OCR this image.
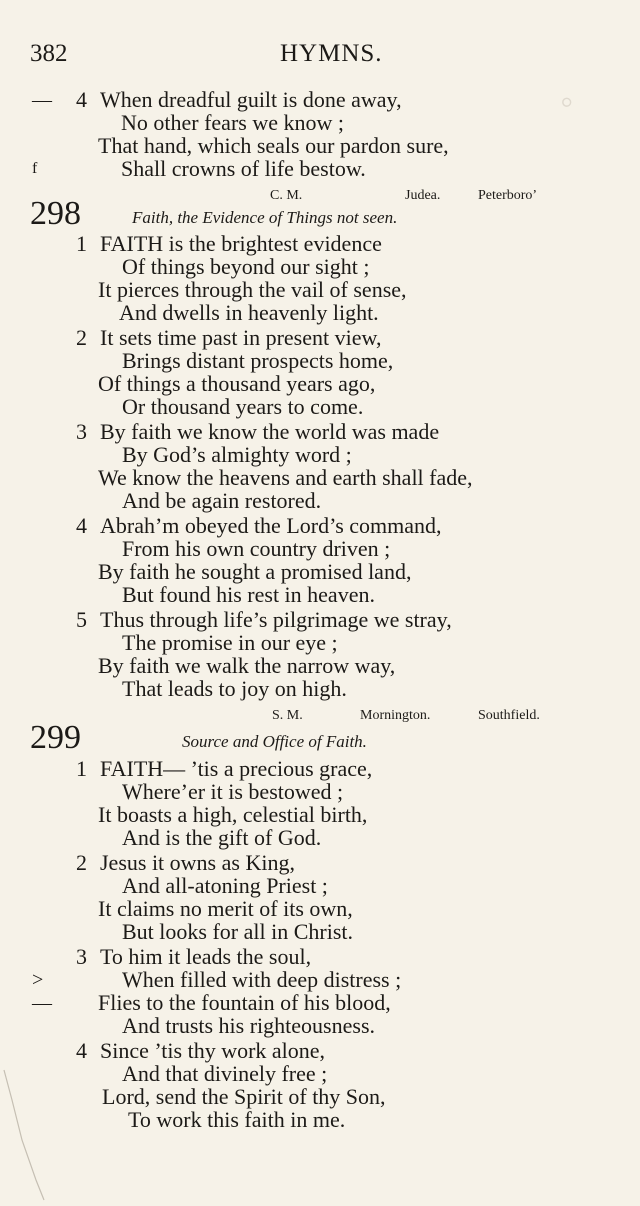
382	HYMNS.
◦
— 4 When dreadful guilt is done away,
No other fears we know ;
That hand, which seals our pardon sure,
f	Shall crowns of life bestow.
C. M.	Judea.	Peterboro’
298	Faith, the Evidence of Things not seen.
1 FAITH is the brightest evidence
Of things beyond our sight ;
It pierces through the vail of sense,
And dwells in heavenly light.
2 It sets time past in present view,
Brings distant prospects home,
Of things a thousand years ago,
Or thousand years to come.
3 By faith we know the world was made
By God’s almighty word ;
We know the heavens and earth shall fade,
And be again restored.
4 Abrah’m obeyed the Lord’s command,
From his own country driven ;
By faith he sought a promised land,
But found his rest in heaven.
5 Thus through life’s pilgrimage we stray,
The promise in our eye ;
By faith we walk the narrow way,
That leads to joy on high.
S. M.	Mornington.	Southfield.
299	Source and Office of Faith.
1 FAITH— ’tis a precious grace,
Where’er it is bestowed ;
It boasts a high, celestial birth,
And is the gift of God.
2 Jesus it owns as King,
And all-atoning Priest ;
It claims no merit of its own,
But looks for all in Christ.
3 To him it leads the soul,
>	When filled with deep distress ;
— Flies to the fountain of his blood,
And trusts his righteousness.
4 Since ’tis thy work alone,
And that divinely free ;
Lord, send the Spirit of thy Son,
To work this faith in me.
